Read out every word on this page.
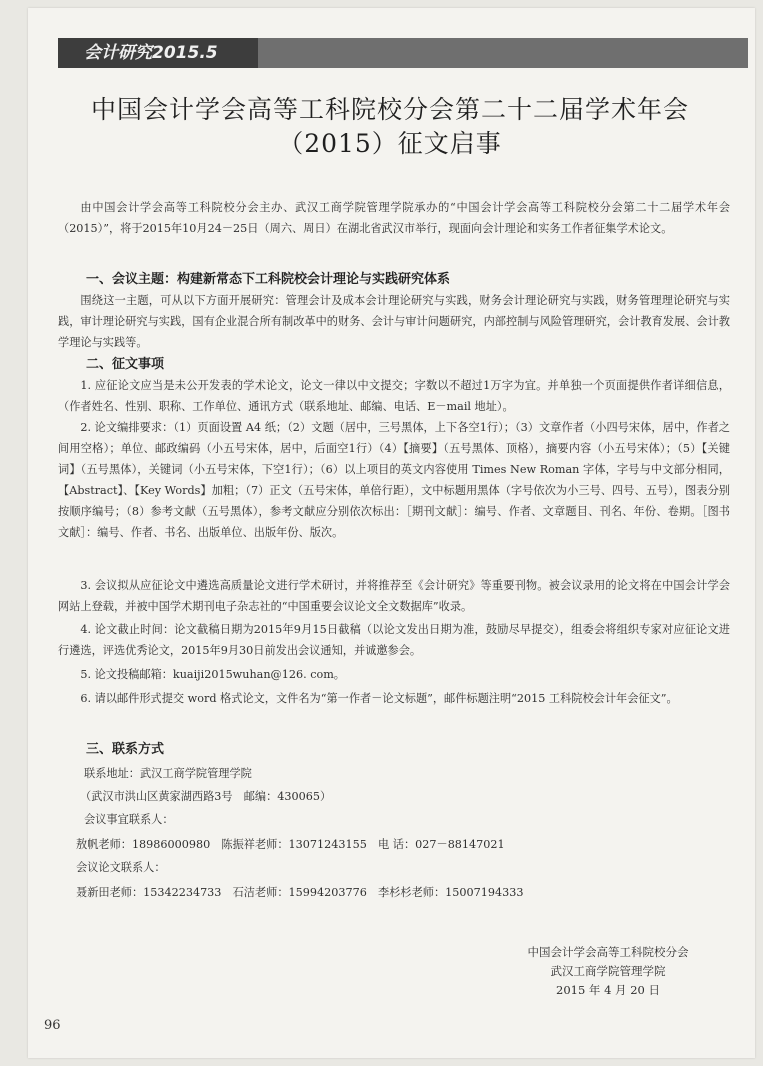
会计研究2015.5
中国会计学会高等工科院校分会第二十二届学术年会
（2015）征文启事
由中国会计学会高等工科院校分会主办、武汉工商学院管理学院承办的“中国会计学会高等工科院校分会第二十二届学术年会（2015）”，将于2015年10月24－25日（周六、周日）在湖北省武汉市举行，现面向会计理论和实务工作者征集学术论文。
一、会议主题：构建新常态下工科院校会计理论与实践研究体系
围绕这一主题，可从以下方面开展研究：管理会计及成本会计理论研究与实践，财务会计理论研究与实践，财务管理理论研究与实践，审计理论研究与实践，国有企业混合所有制改革中的财务、会计与审计问题研究，内部控制与风险管理研究，会计教育发展、会计教学理论与实践等。
二、征文事项
1. 应征论文应当是未公开发表的学术论文，论文一律以中文提交；字数以不超过1万字为宜。并单独一个页面提供作者详细信息，（作者姓名、性别、职称、工作单位、通讯方式（联系地址、邮编、电话、E－mail 地址）。
2. 论文编排要求：（1）页面设置 A4 纸；（2）文题（居中，三号黑体，上下各空1行）；（3）文章作者（小四号宋体，居中，作者之间用空格）；单位、邮政编码（小五号宋体，居中，后面空1行）（4）【摘要】（五号黑体、顶格），摘要内容（小五号宋体）；（5）【关键词】（五号黑体），关键词（小五号宋体，下空1行）；（6）以上项目的英文内容使用 Times New Roman 字体，字号与中文部分相同，【Abstract】、【Key Words】加粗；（7）正文（五号宋体，单倍行距），文中标题用黑体（字号依次为小三号、四号、五号），图表分别按顺序编号；（8）参考文献（五号黑体），参考文献应分别依次标出：［期刊文献］：编号、作者、文章题目、刊名、年份、卷期。［图书文献］：编号、作者、书名、出版单位、出版年份、版次。
3. 会议拟从应征论文中遴选高质量论文进行学术研讨，并将推荐至《会计研究》等重要刊物。被会议录用的论文将在中国会计学会网站上登载，并被中国学术期刊电子杂志社的“中国重要会议论文全文数据库”收录。
4. 论文截止时间：论文截稿日期为2015年9月15日截稿（以论文发出日期为准，鼓励尽早提交），组委会将组织专家对应征论文进行遴选，评选优秀论文，2015年9月30日前发出会议通知，并诚邀参会。
5. 论文投稿邮箱：kuaiji2015wuhan@126. com。
6. 请以邮件形式提交 word 格式论文，文件名为“第一作者－论文标题”，邮件标题注明“2015 工科院校会计年会征文”。
三、联系方式
联系地址：武汉工商学院管理学院
（武汉市洪山区黄家湖西路3号　邮编：430065）
会议事宜联系人：
敖帆老师：18986000980　陈振祥老师：13071243155　电 话：027－88147021
会议论文联系人：
聂新田老师：15342234733　石洁老师：15994203776　李杉杉老师：15007194333
中国会计学会高等工科院校分会
武汉工商学院管理学院
2015 年 4 月 20 日
96
